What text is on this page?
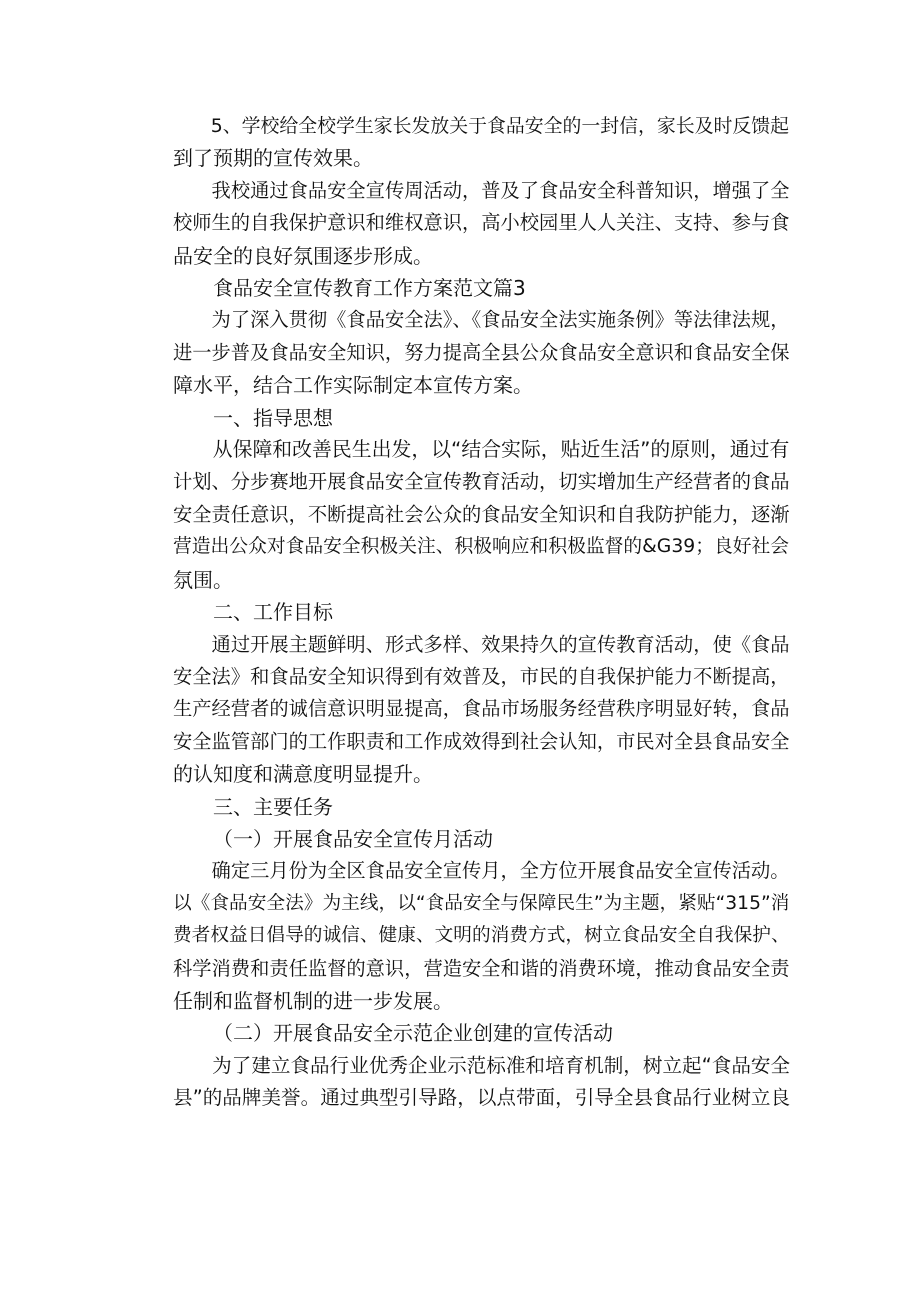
5、学校给全校学生家长发放关于食品安全的一封信，家长及时反馈起
到了预期的宣传效果。

我校通过食品安全宣传周活动，普及了食品安全科普知识，增强了全
校师生的自我保护意识和维权意识，高小校园里人人关注、支持、参与食
品安全的良好氛围逐步形成。

食品安全宣传教育工作方案范文篇3

为了深入贯彻《食品安全法》、《食品安全法实施条例》等法律法规，
进一步普及食品安全知识，努力提高全县公众食品安全意识和食品安全保
障水平，结合工作实际制定本宣传方案。

一、指导思想

从保障和改善民生出发，以“结合实际，贴近生活”的原则，通过有
计划、分步赛地开展食品安全宣传教育活动，切实增加生产经营者的食品
安全责任意识，不断提高社会公众的食品安全知识和自我防护能力，逐渐
营造出公众对食品安全积极关注、积极响应和积极监督的&G39；良好社会
氛围。

二、工作目标

通过开展主题鲜明、形式多样、效果持久的宣传教育活动，使《食品
安全法》和食品安全知识得到有效普及，市民的自我保护能力不断提高，
生产经营者的诚信意识明显提高，食品市场服务经营秩序明显好转，食品
安全监管部门的工作职责和工作成效得到社会认知，市民对全县食品安全
的认知度和满意度明显提升。

三、主要任务

（一）开展食品安全宣传月活动

确定三月份为全区食品安全宣传月，全方位开展食品安全宣传活动。
以《食品安全法》为主线，以“食品安全与保障民生”为主题，紧贴“315”消
费者权益日倡导的诚信、健康、文明的消费方式，树立食品安全自我保护、
科学消费和责任监督的意识，营造安全和谐的消费环境，推动食品安全责
任制和监督机制的进一步发展。

（二）开展食品安全示范企业创建的宣传活动

为了建立食品行业优秀企业示范标准和培育机制，树立起“食品安全
县”的品牌美誉。通过典型引导路，以点带面，引导全县食品行业树立良
